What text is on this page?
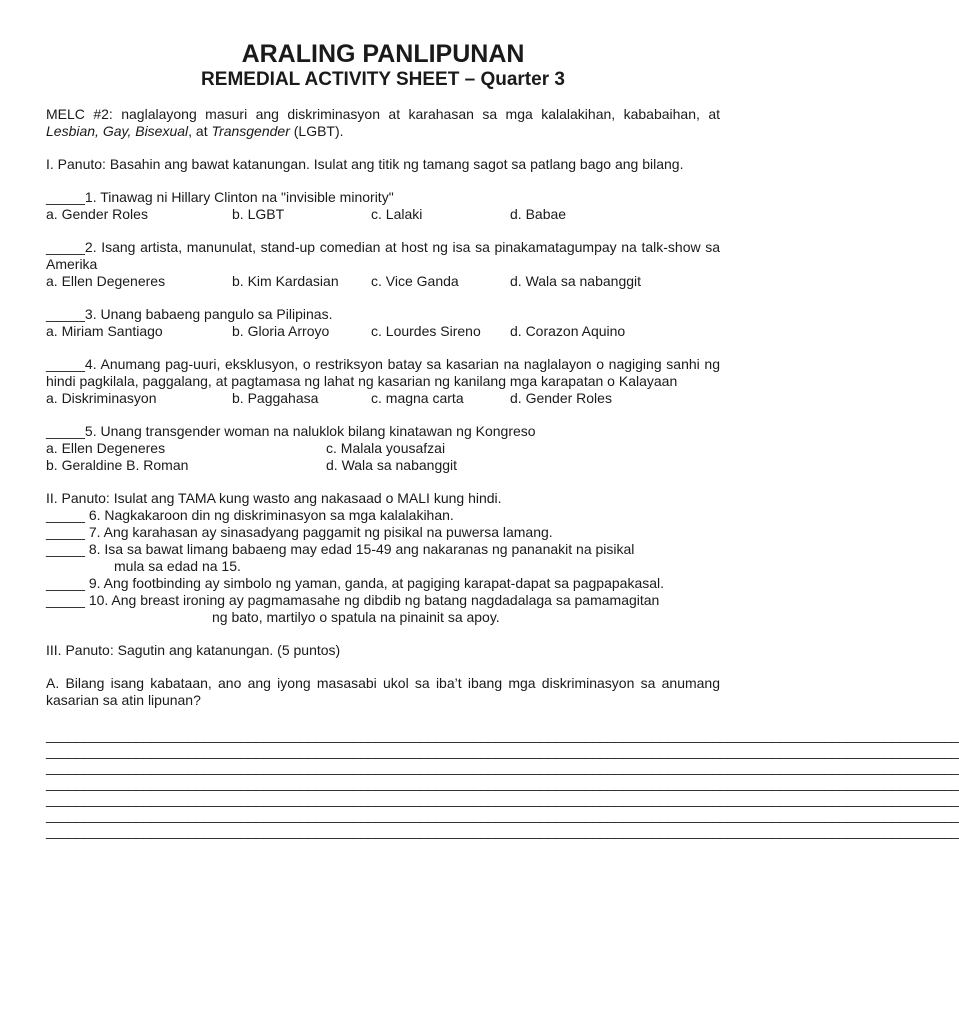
ARALING PANLIPUNAN
REMEDIAL ACTIVITY SHEET – Quarter 3

MELC #2: naglalayong masuri ang diskriminasyon at karahasan sa mga kalalakihan, kababaihan, at Lesbian, Gay, Bisexual, at Transgender (LGBT).

I. Panuto: Basahin ang bawat katanungan. Isulat ang titik ng tamang sagot sa patlang bago ang bilang.

_____1. Tinawag ni Hillary Clinton na "invisible minority"
a. Gender Roles	b. LGBT	c. Lalaki	d. Babae
_____2. Isang artista, manunulat, stand-up comedian at host ng isa sa pinakamatagumpay na talk-show sa Amerika
a. Ellen Degeneres	b. Kim Kardasian	c. Vice Ganda	d. Wala sa nabanggit
_____3. Unang babaeng pangulo sa Pilipinas.
a. Miriam Santiago	b. Gloria Arroyo	c. Lourdes Sireno	d. Corazon Aquino
_____4. Anumang pag-uuri, eksklusyon, o restriksyon batay sa kasarian na naglalayon o nagiging sanhi ng hindi pagkilala, paggalang, at pagtamasa ng lahat ng kasarian ng kanilang mga karapatan o Kalayaan
a. Diskriminasyon	b. Paggahasa	c. magna carta	d. Gender Roles
_____5. Unang transgender woman na naluklok bilang kinatawan ng Kongreso
a. Ellen Degeneres	c. Malala yousafzai
b. Geraldine B. Roman	d. Wala sa nabanggit
II. Panuto: Isulat ang TAMA kung wasto ang nakasaad o MALI kung hindi.
_____ 6. Nagkakaroon din ng diskriminasyon sa mga kalalakihan.
_____ 7. Ang karahasan ay sinasadyang paggamit ng pisikal na puwersa lamang.
_____ 8. Isa sa bawat limang babaeng may edad 15-49 ang nakaranas ng pananakit na pisikal
mula sa edad na 15.
_____ 9. Ang footbinding ay simbolo ng yaman, ganda, at pagiging karapat-dapat sa pagpapakasal.
_____ 10. Ang breast ironing ay pagmamasahe ng dibdib ng batang nagdadalaga sa pamamagitan
ng bato, martilyo o spatula na pinainit sa apoy.

III. Panuto: Sagutin ang katanungan. (5 puntos)

A. Bilang isang kabataan, ano ang iyong masasabi ukol sa iba’t ibang mga diskriminasyon sa anumang kasarian sa atin lipunan?

__________________________________________________________________________________________________________________________
__________________________________________________________________________________________________________________________
__________________________________________________________________________________________________________________________
__________________________________________________________________________________________________________________________
__________________________________________________________________________________________________________________________
__________________________________________________________________________________________________________________________
__________________________________________________________________________________________________________________________
